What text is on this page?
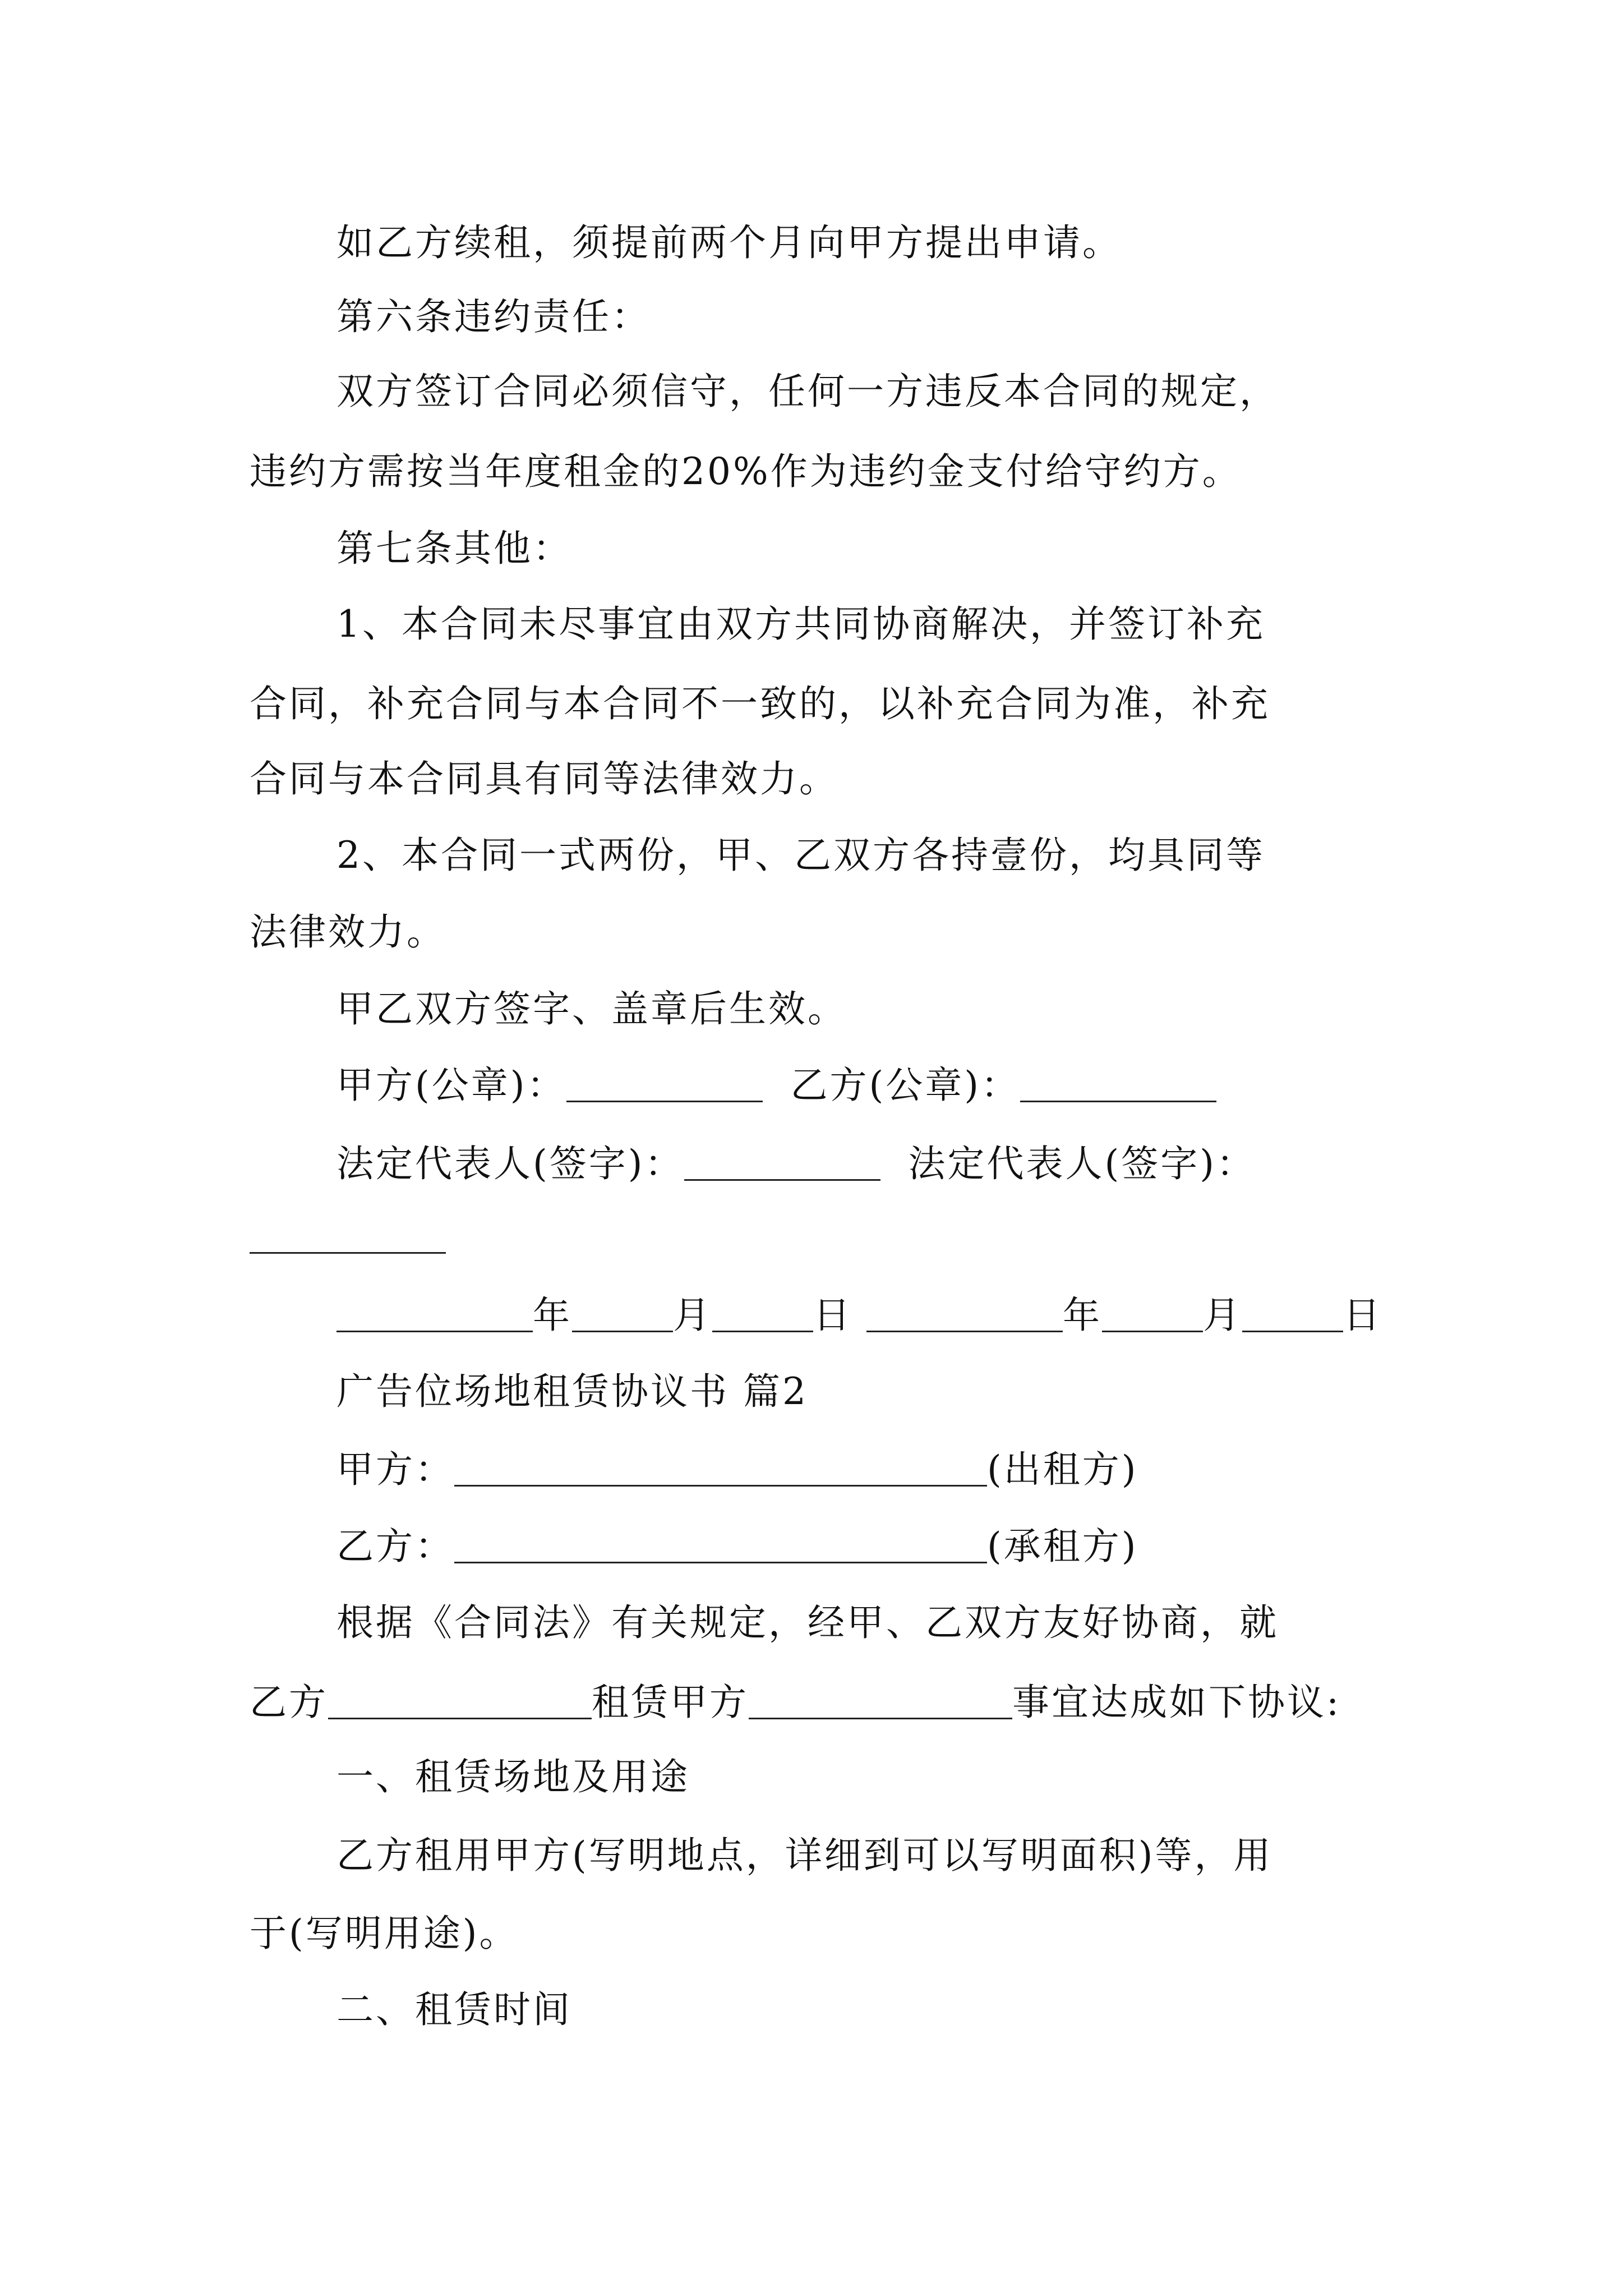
如乙方续租，须提前两个月向甲方提出申请。
第六条违约责任：
双方签订合同必须信守，任何一方违反本合同的规定，
违约方需按当年度租金的20%作为违约金支付给守约方。
第七条其他：
1、本合同未尽事宜由双方共同协商解决，并签订补充
合同，补充合同与本合同不一致的，以补充合同为准，补充
合同与本合同具有同等法律效力。
2、本合同一式两份，甲、乙双方各持壹份，均具同等
法律效力。
甲乙双方签字、盖章后生效。
甲方(公章)：	乙方(公章)：
法定代表人(签字)：	法定代表人(签字)：
年	月	日	年	月	日
广告位场地租赁协议书 篇2
甲方：	(出租方)
乙方：	(承租方)
根据《合同法》有关规定，经甲、乙双方友好协商，就
乙方	租赁甲方	事宜达成如下协议:
一、租赁场地及用途
乙方租用甲方(写明地点，详细到可以写明面积)等，用
于(写明用途)。
二、租赁时间
